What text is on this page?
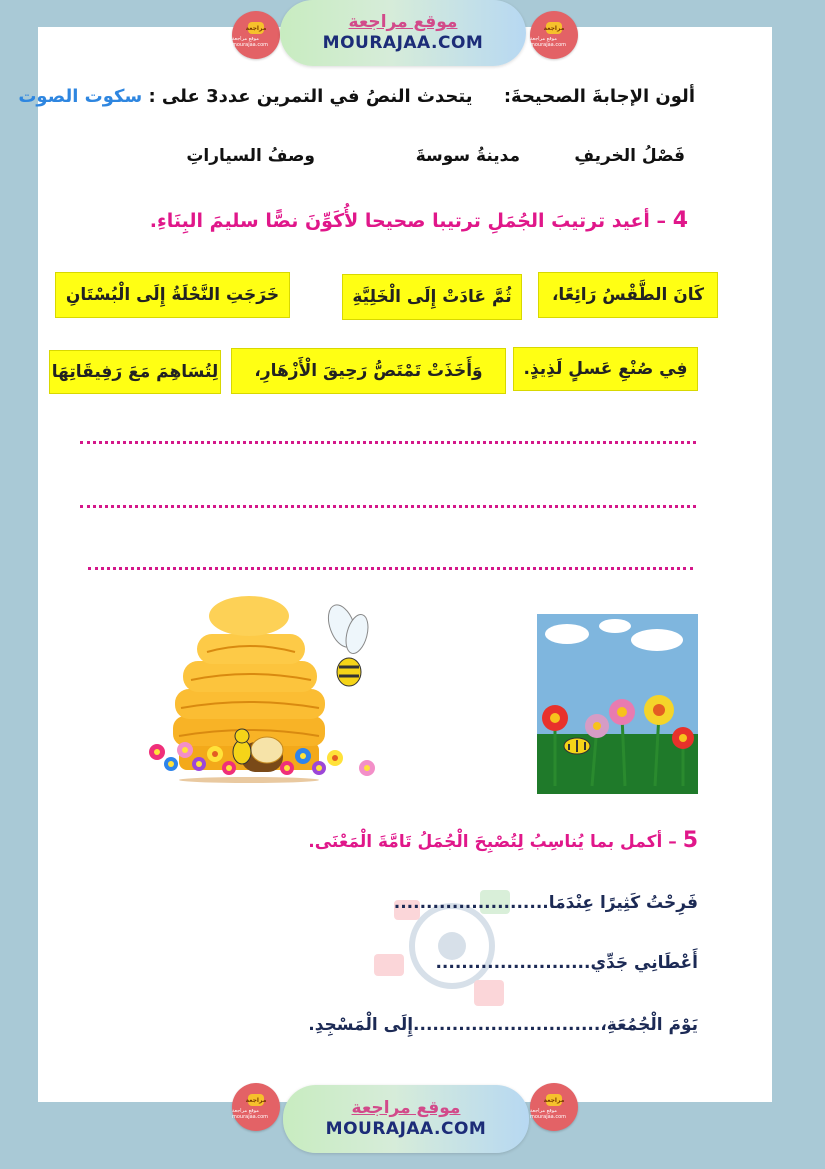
مراجعة
موقع مراجعة mourajaa.com
موقع مراجعة
MOURAJAA.COM
مراجعة
موقع مراجعة mourajaa.com
ألون الإجابةَ الصحيحةَ:     يتحدث النصُ في التمرين عدد3 على : سكوت الصوت
فَصْلُ الخريفِ
مدينةُ سوسةَ
وصفُ السياراتِ
4 – أعيد ترتيبَ الجُمَلِ ترتيبا صحيحا لأُكَوِّنَ نصًّا سليمَ البِنَاءِ.
كَانَ الطَّقْسُ رَائِعًا،
ثُمَّ عَادَتْ إِلَى الْخَلِيَّةِ
خَرَجَتِ النَّحْلَةُ إِلَى الْبُسْتَانِ
فِي صُنْعِ عَسلٍ لَذِيذٍ.
وَأَخَذَتْ تَمْتَصُّ رَحِيقَ الْأَزْهَارِ،
لِتُسَاهِمَ مَعَ رَفِيقَاتِهَا
5 – أكمل بما يُناسِبُ لِتُصْبِحَ الْجُمَلُ تَامَّةَ الْمَعْنَى.
فَرِحْتُ كَثِيرًا عِنْدَمَا........................
أَعْطَانِي جَدِّي........................
يَوْمَ الْجُمُعَةِ،.............................إِلَى الْمَسْجِدِ.
مراجعة
موقع مراجعة mourajaa.com	موقع مراجعة
MOURAJAA.COM
مراجعة
موقع مراجعة mourajaa.com
